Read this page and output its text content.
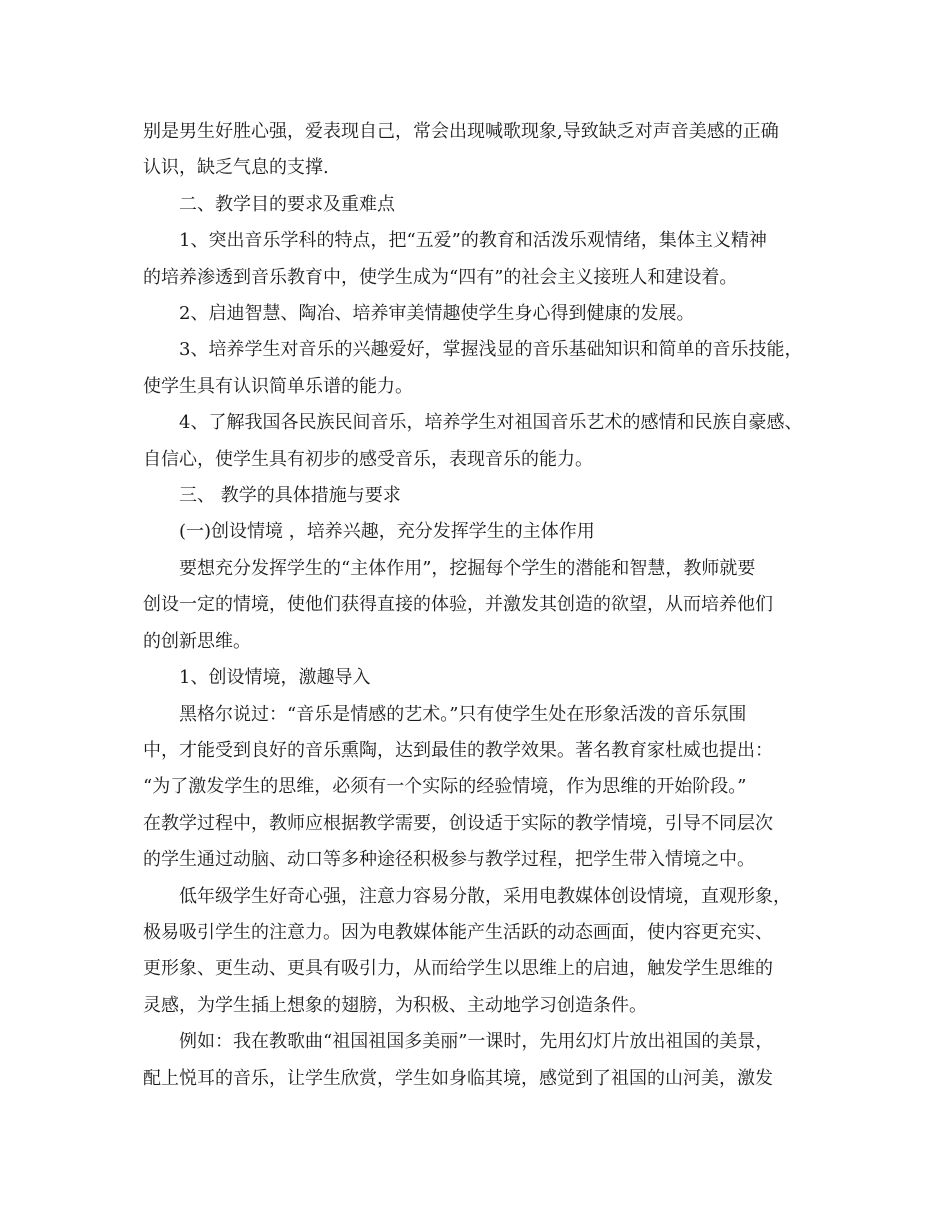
别是男生好胜心强，爱表现自己，常会出现喊歌现象,导致缺乏对声音美感的正确
认识，缺乏气息的支撑.
二、教学目的要求及重难点
1、突出音乐学科的特点，把“五爱”的教育和活泼乐观情绪，集体主义精神
的培养渗透到音乐教育中，使学生成为“四有”的社会主义接班人和建设着。
2、启迪智慧、陶冶、培养审美情趣使学生身心得到健康的发展。
3、培养学生对音乐的兴趣爱好，掌握浅显的音乐基础知识和简单的音乐技能，
使学生具有认识简单乐谱的能力。
4、了解我国各民族民间音乐，培养学生对祖国音乐艺术的感情和民族自豪感、
自信心，使学生具有初步的感受音乐，表现音乐的能力。
三、 教学的具体措施与要求
(一)创设情境 ，培养兴趣，充分发挥学生的主体作用
要想充分发挥学生的“主体作用”，挖掘每个学生的潜能和智慧，教师就要
创设一定的情境，使他们获得直接的体验，并激发其创造的欲望，从而培养他们
的创新思维。
1、创设情境，激趣导入
黑格尔说过：“音乐是情感的艺术。”只有使学生处在形象活泼的音乐氛围
中，才能受到良好的音乐熏陶，达到最佳的教学效果。著名教育家杜威也提出：
“为了激发学生的思维，必须有一个实际的经验情境，作为思维的开始阶段。”
在教学过程中，教师应根据教学需要，创设适于实际的教学情境，引导不同层次
的学生通过动脑、动口等多种途径积极参与教学过程，把学生带入情境之中。
低年级学生好奇心强，注意力容易分散，采用电教媒体创设情境，直观形象，
极易吸引学生的注意力。因为电教媒体能产生活跃的动态画面，使内容更充实、
更形象、更生动、更具有吸引力，从而给学生以思维上的启迪，触发学生思维的
灵感，为学生插上想象的翅膀，为积极、主动地学习创造条件。
例如：我在教歌曲“祖国祖国多美丽”一课时，先用幻灯片放出祖国的美景，
配上悦耳的音乐，让学生欣赏，学生如身临其境，感觉到了祖国的山河美，激发
